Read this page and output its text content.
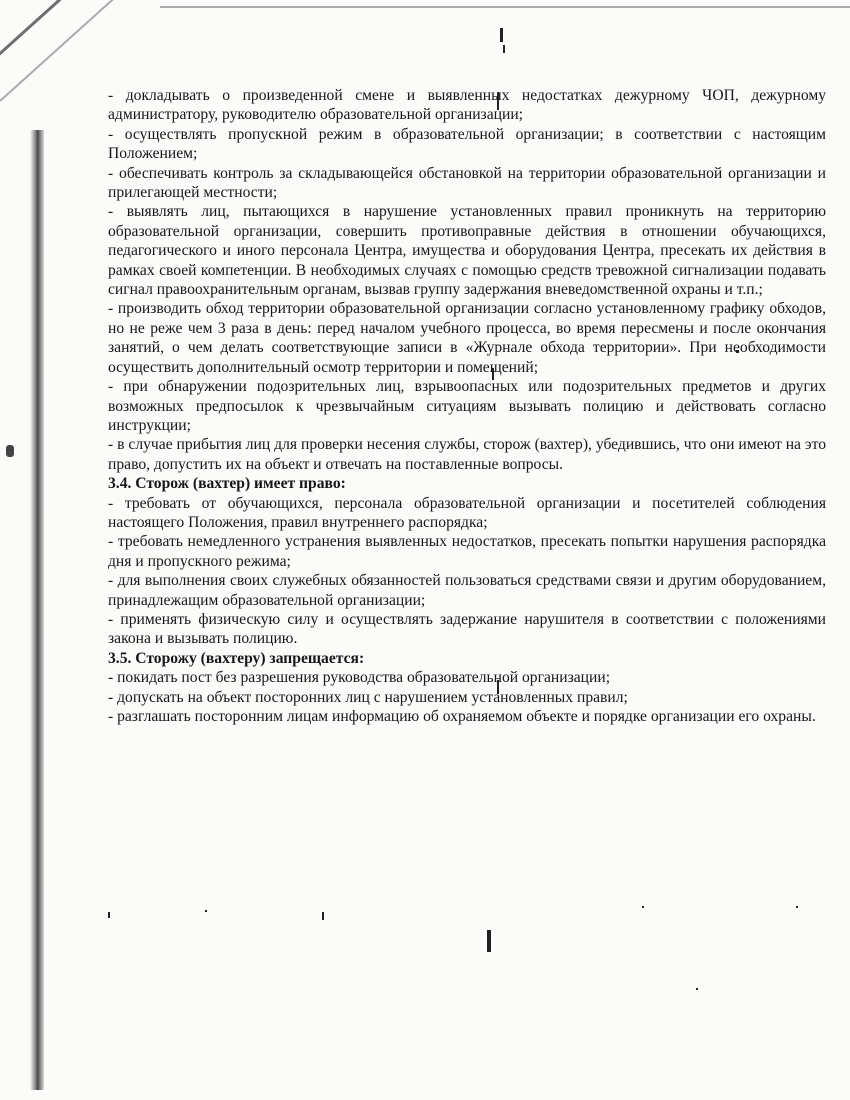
- докладывать о произведенной смене и выявленных недостатках дежурному ЧОП, дежурному администратору, руководителю образовательной организации;

- осуществлять пропускной режим в образовательной организации; в соответствии с настоящим Положением;

- обеспечивать контроль за складывающейся обстановкой на территории образовательной организации и прилегающей местности;

- выявлять лиц, пытающихся в нарушение установленных правил проникнуть на территорию образовательной организации, совершить противоправные действия в отношении обучающихся, педагогического и иного персонала Центра, имущества и оборудования Центра, пресекать их действия в рамках своей компетенции. В необходимых случаях с помощью средств тревожной сигнализации подавать сигнал правоохранительным органам, вызвав группу задержания вневедомственной охраны и т.п.;

- производить обход территории образовательной организации согласно установленному графику обходов, но не реже чем 3 раза в день: перед началом учебного процесса, во время пересмены и после окончания занятий, о чем делать соответствующие записи в «Журнале обхода территории». При необходимости осуществить дополнительный осмотр территории и помещений;

- при обнаружении подозрительных лиц, взрывоопасных или подозрительных предметов и других возможных предпосылок к чрезвычайным ситуациям вызывать полицию и действовать согласно инструкции;

- в случае прибытия лиц для проверки несения службы, сторож (вахтер), убедившись, что они имеют на это право, допустить их на объект и отвечать на поставленные вопросы.

3.4. Сторож (вахтер) имеет право:

- требовать от обучающихся, персонала образовательной организации и посетителей соблюдения настоящего Положения, правил внутреннего распорядка;

- требовать немедленного устранения выявленных недостатков, пресекать попытки нарушения распорядка дня и пропускного режима;

- для выполнения своих служебных обязанностей пользоваться средствами связи и другим оборудованием, принадлежащим образовательной организации;

- применять физическую силу и осуществлять задержание нарушителя в соответствии с положениями закона и вызывать полицию.

3.5. Сторожу (вахтеру) запрещается:

- покидать пост без разрешения руководства образовательной организации;

- допускать на объект посторонних лиц с нарушением установленных правил;

- разглашать посторонним лицам информацию об охраняемом объекте и порядке организации его охраны.
